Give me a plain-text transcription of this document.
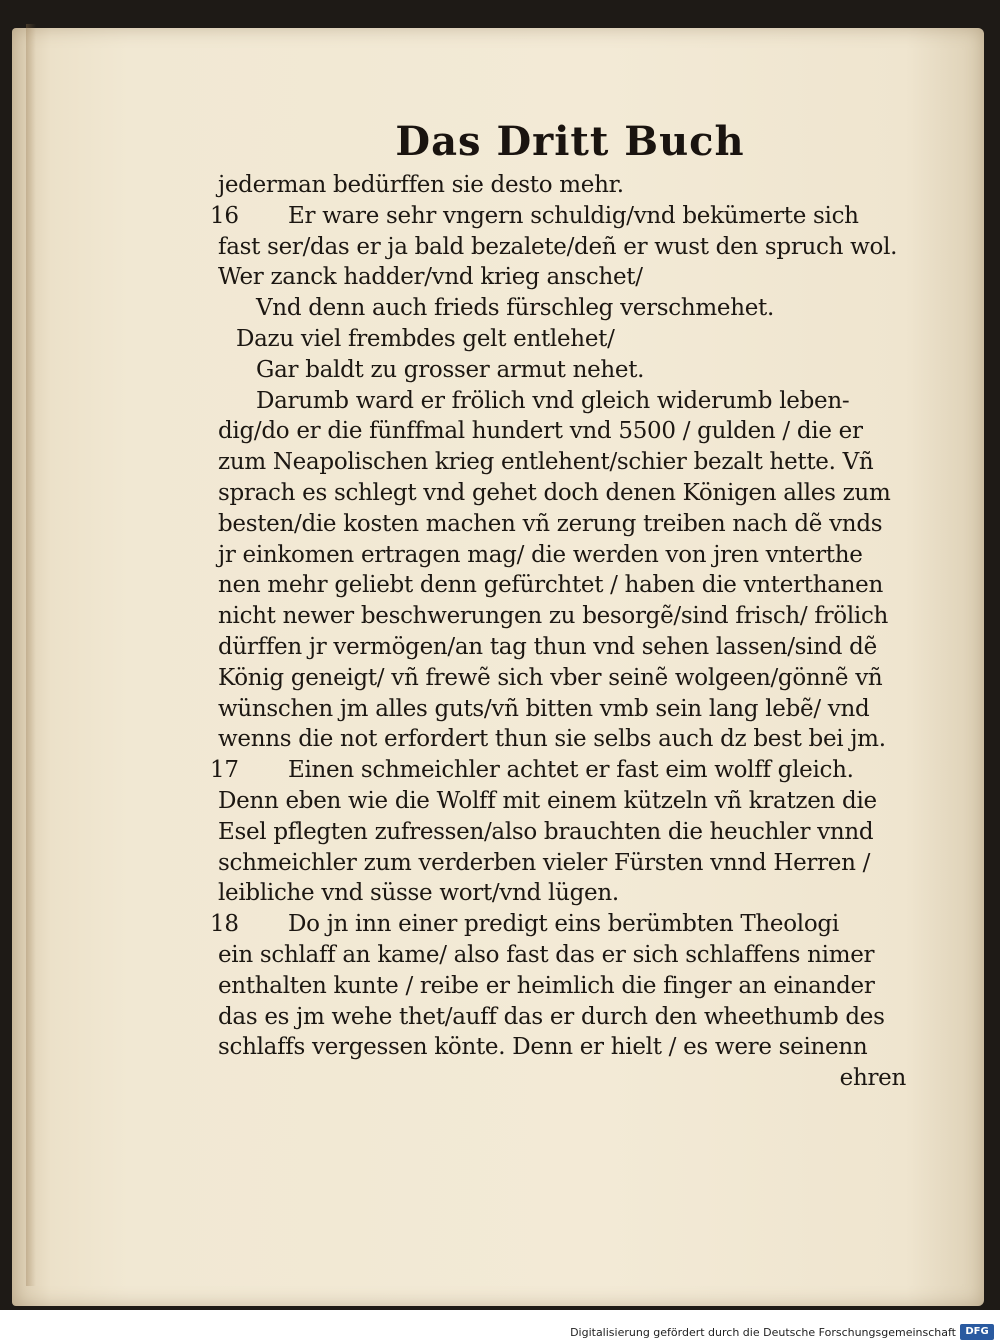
Das Dritt Buch
jederman bedürffen sie desto mehr.
16 Er ware sehr vngern schuldig/vnd bekümerte sich
fast ser/das er ja bald bezalete/deñ er wust den spruch wol.
Wer zanck hadder/vnd krieg anschet/
Vnd denn auch frieds fürschleg verschmehet.
Dazu viel frembdes gelt entlehet/
Gar baldt zu grosser armut nehet.
Darumb ward er frölich vnd gleich widerumb leben-
dig/do er die fünffmal hundert vnd 5500 / gulden / die er
zum Neapolischen krieg entlehent/schier bezalt hette. Vñ
sprach es schlegt vnd gehet doch denen Königen alles zum
besten/die kosten machen vñ zerung treiben nach dẽ vnds
jr einkomen ertragen mag/ die werden von jren vnterthe
nen mehr geliebt denn gefürchtet / haben die vnterthanen
nicht newer beschwerungen zu besorgẽ/sind frisch/ frölich
dürffen jr vermögen/an tag thun vnd sehen lassen/sind dẽ
König geneigt/ vñ frewẽ sich vber seinẽ wolgeen/gönnẽ vñ
wünschen jm alles guts/vñ bitten vmb sein lang lebẽ/ vnd
wenns die not erfordert thun sie selbs auch dz best bei jm.
17 Einen schmeichler achtet er fast eim wolff gleich.
Denn eben wie die Wolff mit einem kützeln vñ kratzen die
Esel pflegten zufressen/also brauchten die heuchler vnnd
schmeichler zum verderben vieler Fürsten vnnd Herren /
leibliche vnd süsse wort/vnd lügen.
18 Do jn inn einer predigt eins berümbten Theologi
ein schlaff an kame/ also fast das er sich schlaffens nimer
enthalten kunte / reibe er heimlich die finger an einander
das es jm wehe thet/auff das er durch den wheethumb des
schlaffs vergessen könte. Denn er hielt / es were seinenn
ehren
Digitalisierung gefördert durch die Deutsche Forschungsgemeinschaft DFG
